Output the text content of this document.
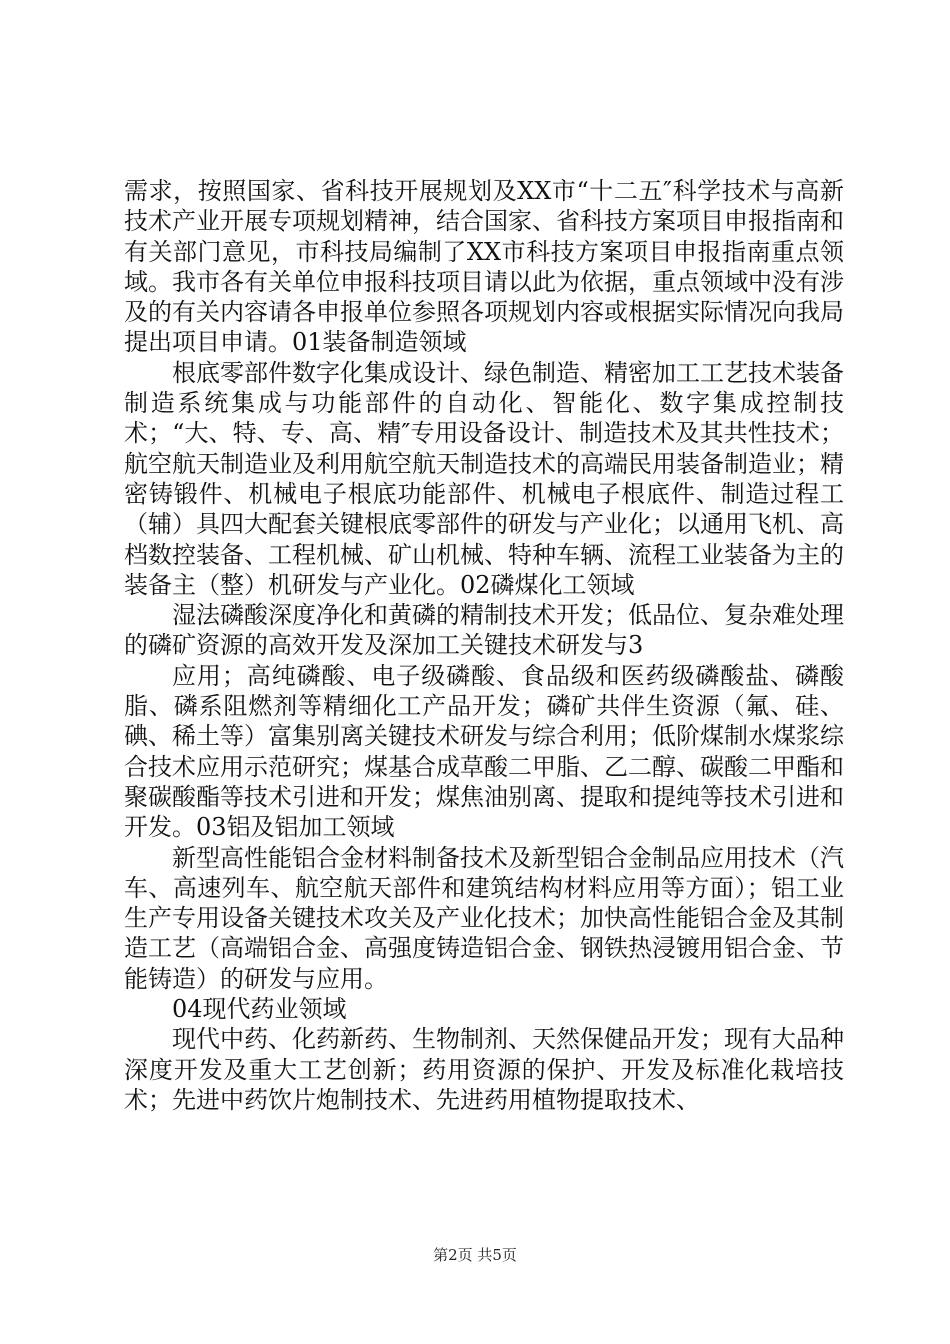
需求，按照国家、省科技开展规划及XX市“十二五″科学技术与高新技术产业开展专项规划精神，结合国家、省科技方案项目申报指南和有关部门意见，市科技局编制了XX市科技方案项目申报指南重点领域。我市各有关单位申报科技项目请以此为依据，重点领域中没有涉及的有关内容请各申报单位参照各项规划内容或根据实际情况向我局提出项目申请。01装备制造领域

根底零部件数字化集成设计、绿色制造、精密加工工艺技术装备制造系统集成与功能部件的自动化、智能化、数字集成控制技术；“大、特、专、高、精″专用设备设计、制造技术及其共性技术；航空航天制造业及利用航空航天制造技术的高端民用装备制造业；精密铸锻件、机械电子根底功能部件、机械电子根底件、制造过程工（辅）具四大配套关键根底零部件的研发与产业化；以通用飞机、高档数控装备、工程机械、矿山机械、特种车辆、流程工业装备为主的装备主（整）机研发与产业化。02磷煤化工领域

湿法磷酸深度净化和黄磷的精制技术开发；低品位、复杂难处理的磷矿资源的高效开发及深加工关键技术研发与3

应用；高纯磷酸、电子级磷酸、食品级和医药级磷酸盐、磷酸脂、磷系阻燃剂等精细化工产品开发；磷矿共伴生资源（氟、硅、碘、稀土等）富集别离关键技术研发与综合利用；低阶煤制水煤浆综合技术应用示范研究；煤基合成草酸二甲脂、乙二醇、碳酸二甲酯和聚碳酸酯等技术引进和开发；煤焦油别离、提取和提纯等技术引进和开发。03铝及铝加工领域

新型高性能铝合金材料制备技术及新型铝合金制品应用技术（汽车、高速列车、航空航天部件和建筑结构材料应用等方面）；铝工业生产专用设备关键技术攻关及产业化技术；加快高性能铝合金及其制造工艺（高端铝合金、高强度铸造铝合金、钢铁热浸镀用铝合金、节能铸造）的研发与应用。

04现代药业领域

现代中药、化药新药、生物制剂、天然保健品开发；现有大品种深度开发及重大工艺创新；药用资源的保护、开发及标准化栽培技术；先进中药饮片炮制技术、先进药用植物提取技术、

第2页 共5页
